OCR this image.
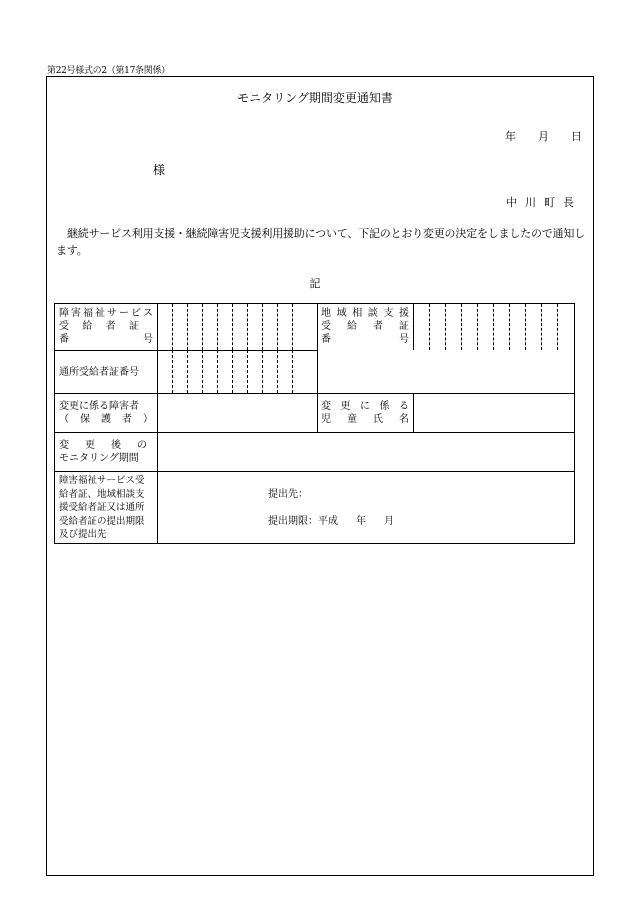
第22号様式の2（第17条関係）
モニタリング期間変更通知書
年 月 日
様
中川町長
継続サービス利用支援・継続障害児支援利用援助について、下記のとおり変更の決定をしましたので通知します。
記
障害福祉サービス
受給者証
番号
地域相談支援
受給者証
番号
通所受給者証番号
変更に係る障害者
（保護者）
変更に係る
児童氏名
変更後の
モニタリング期間
障害福祉サービス受
給者証、地域相談支
援受給者証又は通所
受給者証の提出期限
及び提出先
提出先：
提出期限：平成 年 月
